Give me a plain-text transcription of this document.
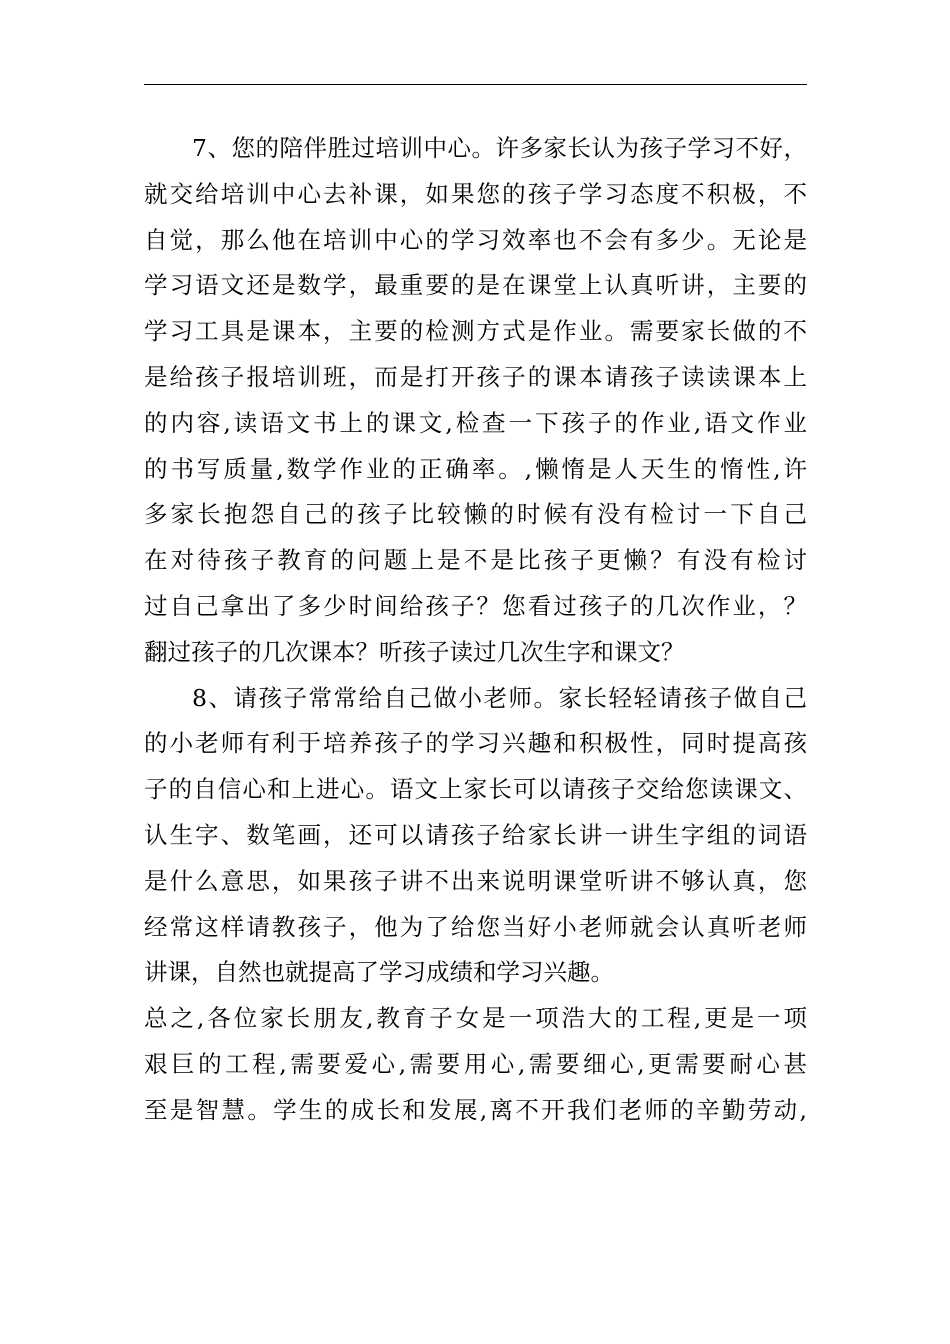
7、您的陪伴胜过培训中心。许多家长认为孩子学习不好，
就交给培训中心去补课，如果您的孩子学习态度不积极，不
自觉，那么他在培训中心的学习效率也不会有多少。无论是
学习语文还是数学，最重要的是在课堂上认真听讲，主要的
学习工具是课本，主要的检测方式是作业。需要家长做的不
是给孩子报培训班，而是打开孩子的课本请孩子读读课本上
的内容,读语文书上的课文,检查一下孩子的作业,语文作业
的书写质量,数学作业的正确率。,懒惰是人天生的惰性,许
多家长抱怨自己的孩子比较懒的时候有没有检讨一下自己
在对待孩子教育的问题上是不是比孩子更懒？有没有检讨
过自己拿出了多少时间给孩子？您看过孩子的几次作业，？
翻过孩子的几次课本？听孩子读过几次生字和课文？
8、请孩子常常给自己做小老师。家长轻轻请孩子做自己
的小老师有利于培养孩子的学习兴趣和积极性，同时提高孩
子的自信心和上进心。语文上家长可以请孩子交给您读课文、
认生字、数笔画，还可以请孩子给家长讲一讲生字组的词语
是什么意思，如果孩子讲不出来说明课堂听讲不够认真，您
经常这样请教孩子，他为了给您当好小老师就会认真听老师
讲课，自然也就提高了学习成绩和学习兴趣。
总之,各位家长朋友,教育子女是一项浩大的工程,更是一项
艰巨的工程,需要爱心,需要用心,需要细心,更需要耐心甚
至是智慧。学生的成长和发展,离不开我们老师的辛勤劳动,
